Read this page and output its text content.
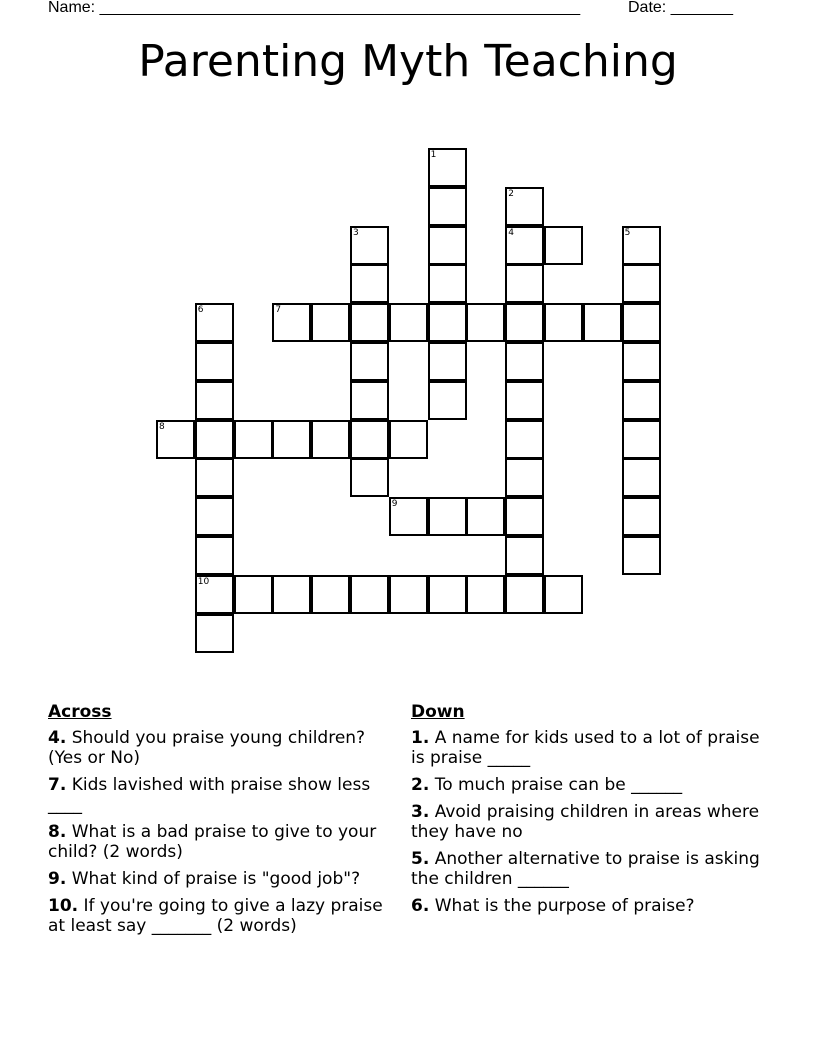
Name: ______________________________________________________	Date: _______
Parenting Myth Teaching
1
2
4
3	5
6
10
7
8
9
Across
4. Should you praise young children? (Yes or No)
7. Kids lavished with praise show less ____
8. What is a bad praise to give to your child? (2 words)
9. What kind of praise is "good job"?
10. If you're going to give a lazy praise at least say _______ (2 words)
Down
1. A name for kids used to a lot of praise is praise _____
2. To much praise can be ______
3. Avoid praising children in areas where they have no
5. Another alternative to praise is asking the children ______
6. What is the purpose of praise?
